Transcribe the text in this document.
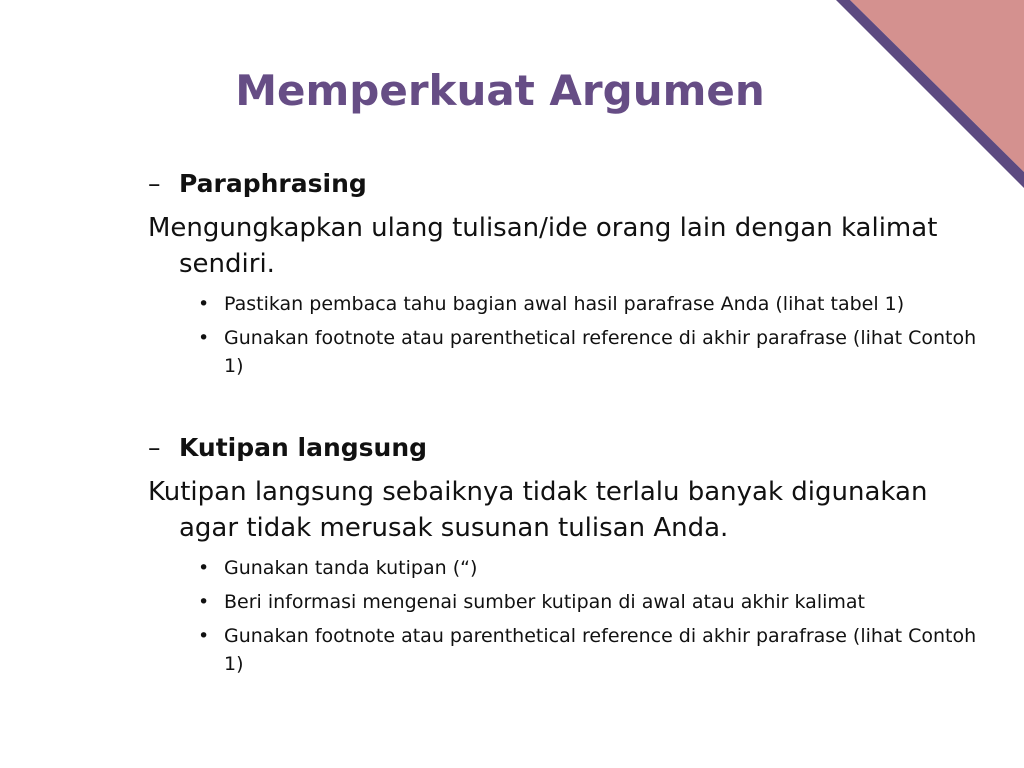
Memperkuat Argumen
– Paraphrasing
Mengungkapkan ulang tulisan/ide orang lain dengan kalimat sendiri.
• Pastikan pembaca tahu bagian awal hasil parafrase Anda (lihat tabel 1)
• Gunakan footnote atau parenthetical reference di akhir parafrase (lihat Contoh 1)
– Kutipan langsung
Kutipan langsung sebaiknya tidak terlalu banyak digunakan agar tidak merusak susunan tulisan Anda.
• Gunakan tanda kutipan (“)
• Beri informasi mengenai sumber kutipan di awal atau akhir kalimat
• Gunakan footnote atau parenthetical reference di akhir parafrase (lihat Contoh 1)
